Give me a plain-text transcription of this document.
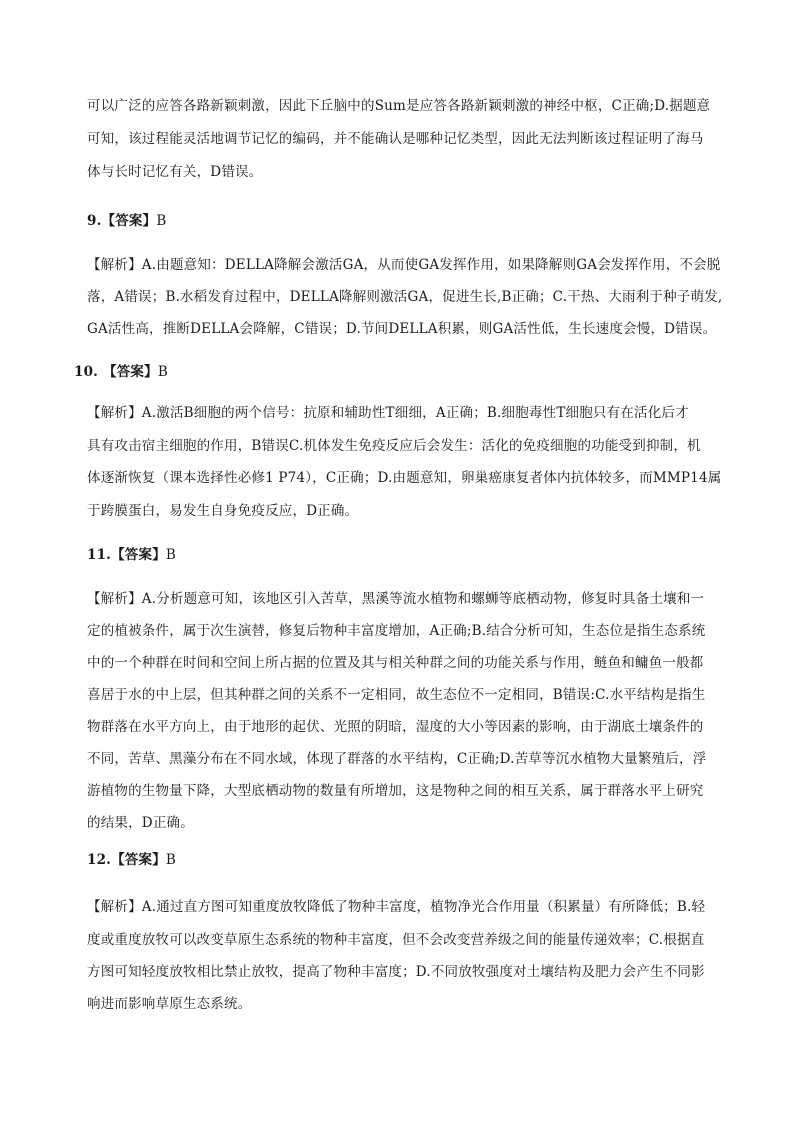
可以广泛的应答各路新颖刺激，因此下丘脑中的Sum是应答各路新颖刺激的神经中枢，C正确;D.据题意
可知，该过程能灵活地调节记忆的编码，并不能确认是哪种记忆类型，因此无法判断该过程证明了海马
体与长时记忆有关，D错误。
9.【答案】B
【解析】A.由题意知：DELLA降解会激活GA，从而使GA发挥作用，如果降解则GA会发挥作用，不会脱
落，A错误；B.水稻发育过程中，DELLA降解则激活GA，促进生长,B正确；C.干热、大雨利于种子萌发,
GA活性高，推断DELLA会降解，C错误；D.节间DELLA积累，则GA活性低，生长速度会慢，D错误。
10. 【答案】B
【解析】A.激活B细胞的两个信号：抗原和辅助性T细细，A正确；B.细胞毒性T细胞只有在活化后才
具有攻击宿主细胞的作用，B错误C.机体发生免疫反应后会发生：活化的免疫细胞的功能受到抑制，机
体逐渐恢复（课本选择性必修1 P74），C正确；D.由题意知，卵巢癌康复者体内抗体较多，而MMP14属
于跨膜蛋白，易发生自身免疫反应，D正确。
11.【答案】B
【解析】A.分析题意可知，该地区引入苦草，黑溪等流水植物和螺蛳等底栖动物，修复时具备土壤和一
定的植被条件，属于次生演替，修复后物种丰富度增加，A正确;B.结合分析可知，生态位是指生态系统
中的一个种群在时间和空间上所占据的位置及其与相关种群之间的功能关系与作用，鲢鱼和鳙鱼一般都
喜居于水的中上层，但其种群之间的关系不一定相同，故生态位不一定相同，B错误:C.水平结构是指生
物群落在水平方向上，由于地形的起伏、光照的阴暗，湿度的大小等因素的影响，由于湖底土壤条件的
不同，苦草、黑藻分布在不同水域，体现了群落的水平结构，C正确;D.苦草等沉水植物大量繁殖后，浮
游植物的生物量下降，大型底栖动物的数量有所增加，这是物种之间的相互关系，属于群落水平上研究
的结果，D正确。
12.【答案】B
【解析】A.通过直方图可知重度放牧降低了物种丰富度，植物净光合作用量（积累量）有所降低；B.轻
度或重度放牧可以改变草原生态系统的物种丰富度，但不会改变营养级之间的能量传递效率；C.根据直
方图可知轻度放牧相比禁止放牧，提高了物种丰富度；D.不同放牧强度对土壤结构及肥力会产生不同影
响进而影响草原生态系统。
